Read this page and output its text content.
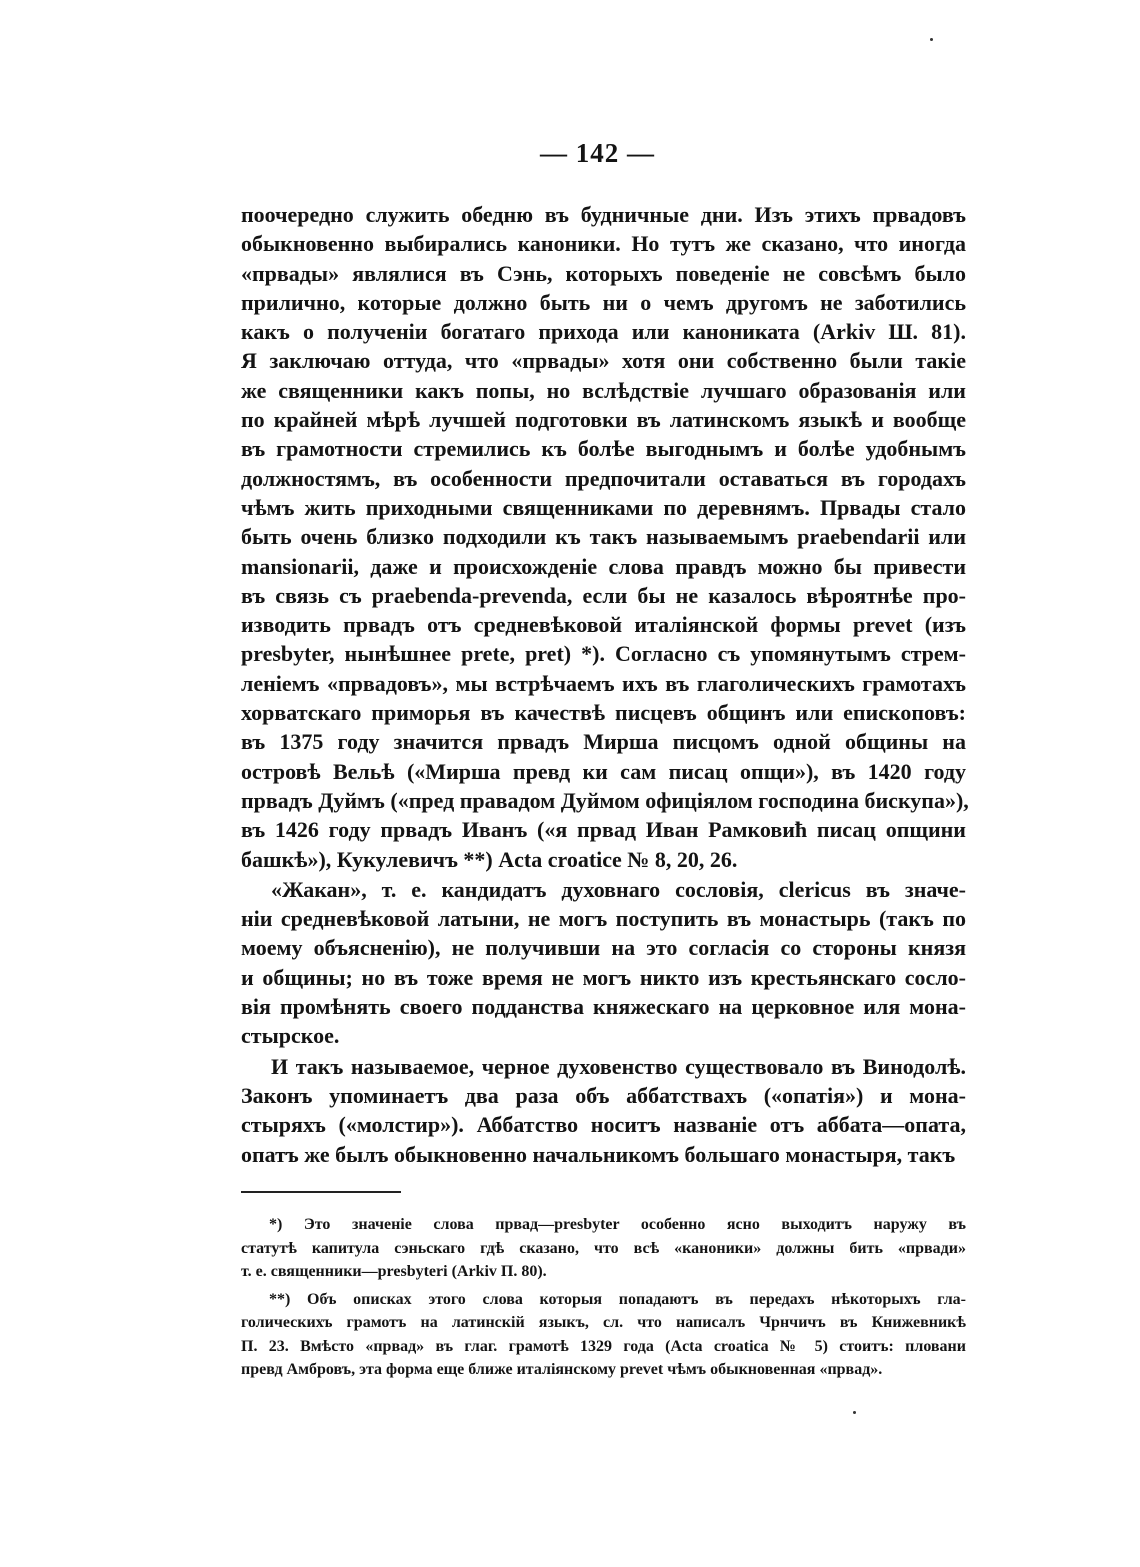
— 142 —

поочередно служить обедню въ будничные дни. Изъ этихъ првадовъ
обыкновенно выбирались каноники. Но тутъ же сказано, что иногда
«првады» являлися въ Сэнь, которыхъ поведеніе не совсѣмъ было
прилично, которые должно быть ни о чемъ другомъ не заботились
какъ о полученіи богатаго прихода или канониката (Arkiv Ш. 81).
Я заключаю оттуда, что «првады» хотя они собственно были такіе
же священники какъ попы, но вслѣдствіе лучшаго образованія или
по крайней мѣрѣ лучшей подготовки въ латинскомъ языкѣ и вообще
въ грамотности стремились къ болѣе выгоднымъ и болѣе удобнымъ
должностямъ, въ особенности предпочитали оставаться въ городахъ
чѣмъ жить приходными священниками по деревнямъ. Првады стало
быть очень близко подходили къ такъ называемымъ praebendarii или
mansionarii, даже и происхожденіе слова правдъ можно бы привести
въ связь съ praebenda-prevenda, если бы не казалось вѣроятнѣе про-
изводить првадъ отъ средневѣковой италіянской формы prevet (изъ
presbyter, нынѣшнее prete, pret) *). Согласно съ упомянутымъ стрем-
леніемъ «првадовъ», мы встрѣчаемъ ихъ въ глаголическихъ грамотахъ
хорватскаго приморья въ качествѣ писцевъ общинъ или епископовъ:
въ 1375 году значится првадъ Мирша писцомъ одной общины на
островѣ Вельѣ («Мирша прeвд ки сам писац опщи»), въ 1420 году
првадъ Дуймъ («пред правадом Дуймом офиціялом господина бискупа»),
въ 1426 году првадъ Иванъ («я првад Иван Рамковић писац опщини
башкѣ»), Кукулевичъ **) Acta croatice № 8, 20, 26.

«Жакан», т. е. кандидатъ духовнаго сословія, clericus въ значе-
ніи средневѣковой латыни, не могъ поступить въ монастырь (такъ по
моему объясненію), не получивши на это согласія со стороны князя
и общины; но въ тоже время не могъ никто изъ крестьянскаго сосло-
вія промѣнять своего подданства княжескаго на церковное иля мона-
стырское.

И такъ называемое, черное духовенство существовало въ Винодолѣ.
Законъ упоминаетъ два раза объ аббатствахъ («опатія») и мона-
стыряхъ («молстир»). Аббатство носитъ названіе отъ аббата—опата,
опатъ же былъ обыкновенно начальникомъ большаго монастыря, такъ

*) Это значеніе слова првад—presbyter особенно ясно выходитъ наружу въ
статутѣ капитула сэньскаго гдѣ сказано, что всѣ «каноники» должны бить «првади»
т. е. священники—presbyteri (Arkiv П. 80).

**) Объ описках этого слова которыя попадаютъ въ передахъ нѣкоторыхъ гла-
голическихъ грамотъ на латинскій языкъ, сл. что написалъ Чрнчичъ въ Книжевникѣ
П. 23. Вмѣсто «првад» въ глаг. грамотѣ 1329 года (Acta croatica № 5) стоитъ: пловани
превд Амбровъ, эта форма еще ближе италіянскому prevet чѣмъ обыкновенная «првад».
